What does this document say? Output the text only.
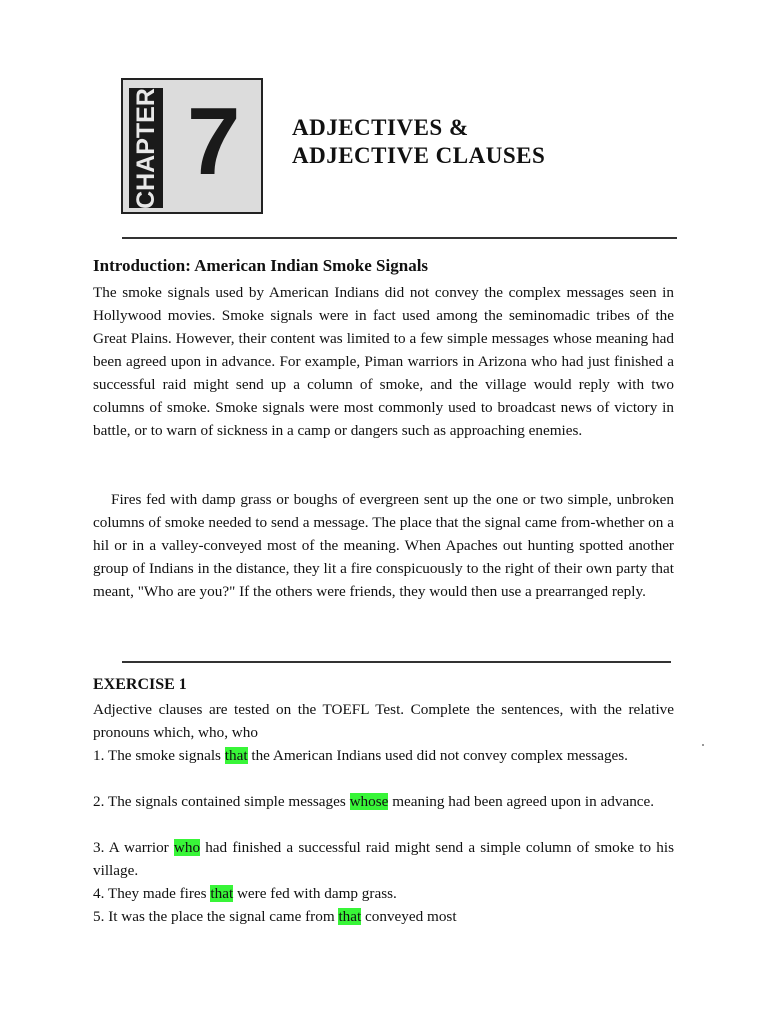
CHAPTER 7 ADJECTIVES &
ADJECTIVE CLAUSES
Introduction: American Indian Smoke Signals

The smoke signals used by American Indians did not convey the complex messages seen in Hollywood movies. Smoke signals were in fact used among the seminomadic tribes of the Great Plains. However, their content was limited to a few simple messages whose meaning had been agreed upon in advance. For example, Piman warriors in Arizona who had just finished a successful raid might send up a column of smoke, and the village would reply with two columns of smoke. Smoke signals were most commonly used to broadcast news of victory in battle, or to warn of sickness in a camp or dangers such as approaching enemies.

Fires fed with damp grass or boughs of evergreen sent up the one or two simple, unbroken columns of smoke needed to send a message. The place that the signal came from-whether on a hil or in a valley-conveyed most of the meaning. When Apaches out hunting spotted another group of Indians in the distance, they lit a fire conspicuously to the right of their own party that meant, "Who are you?" If the others were friends, they would then use a prearranged reply.

EXERCISE 1

Adjective clauses are tested on the TOEFL Test. Complete the sentences, with the relative pronouns which, who, who

1. The smoke signals that the American Indians used did not convey complex messages.

2. The signals contained simple messages whose meaning had been agreed upon in advance.

3. A warrior who had finished a successful raid might send a simple column of smoke to his village.

4. They made fires that were fed with damp grass.

5. It was the place the signal came from that conveyed most
